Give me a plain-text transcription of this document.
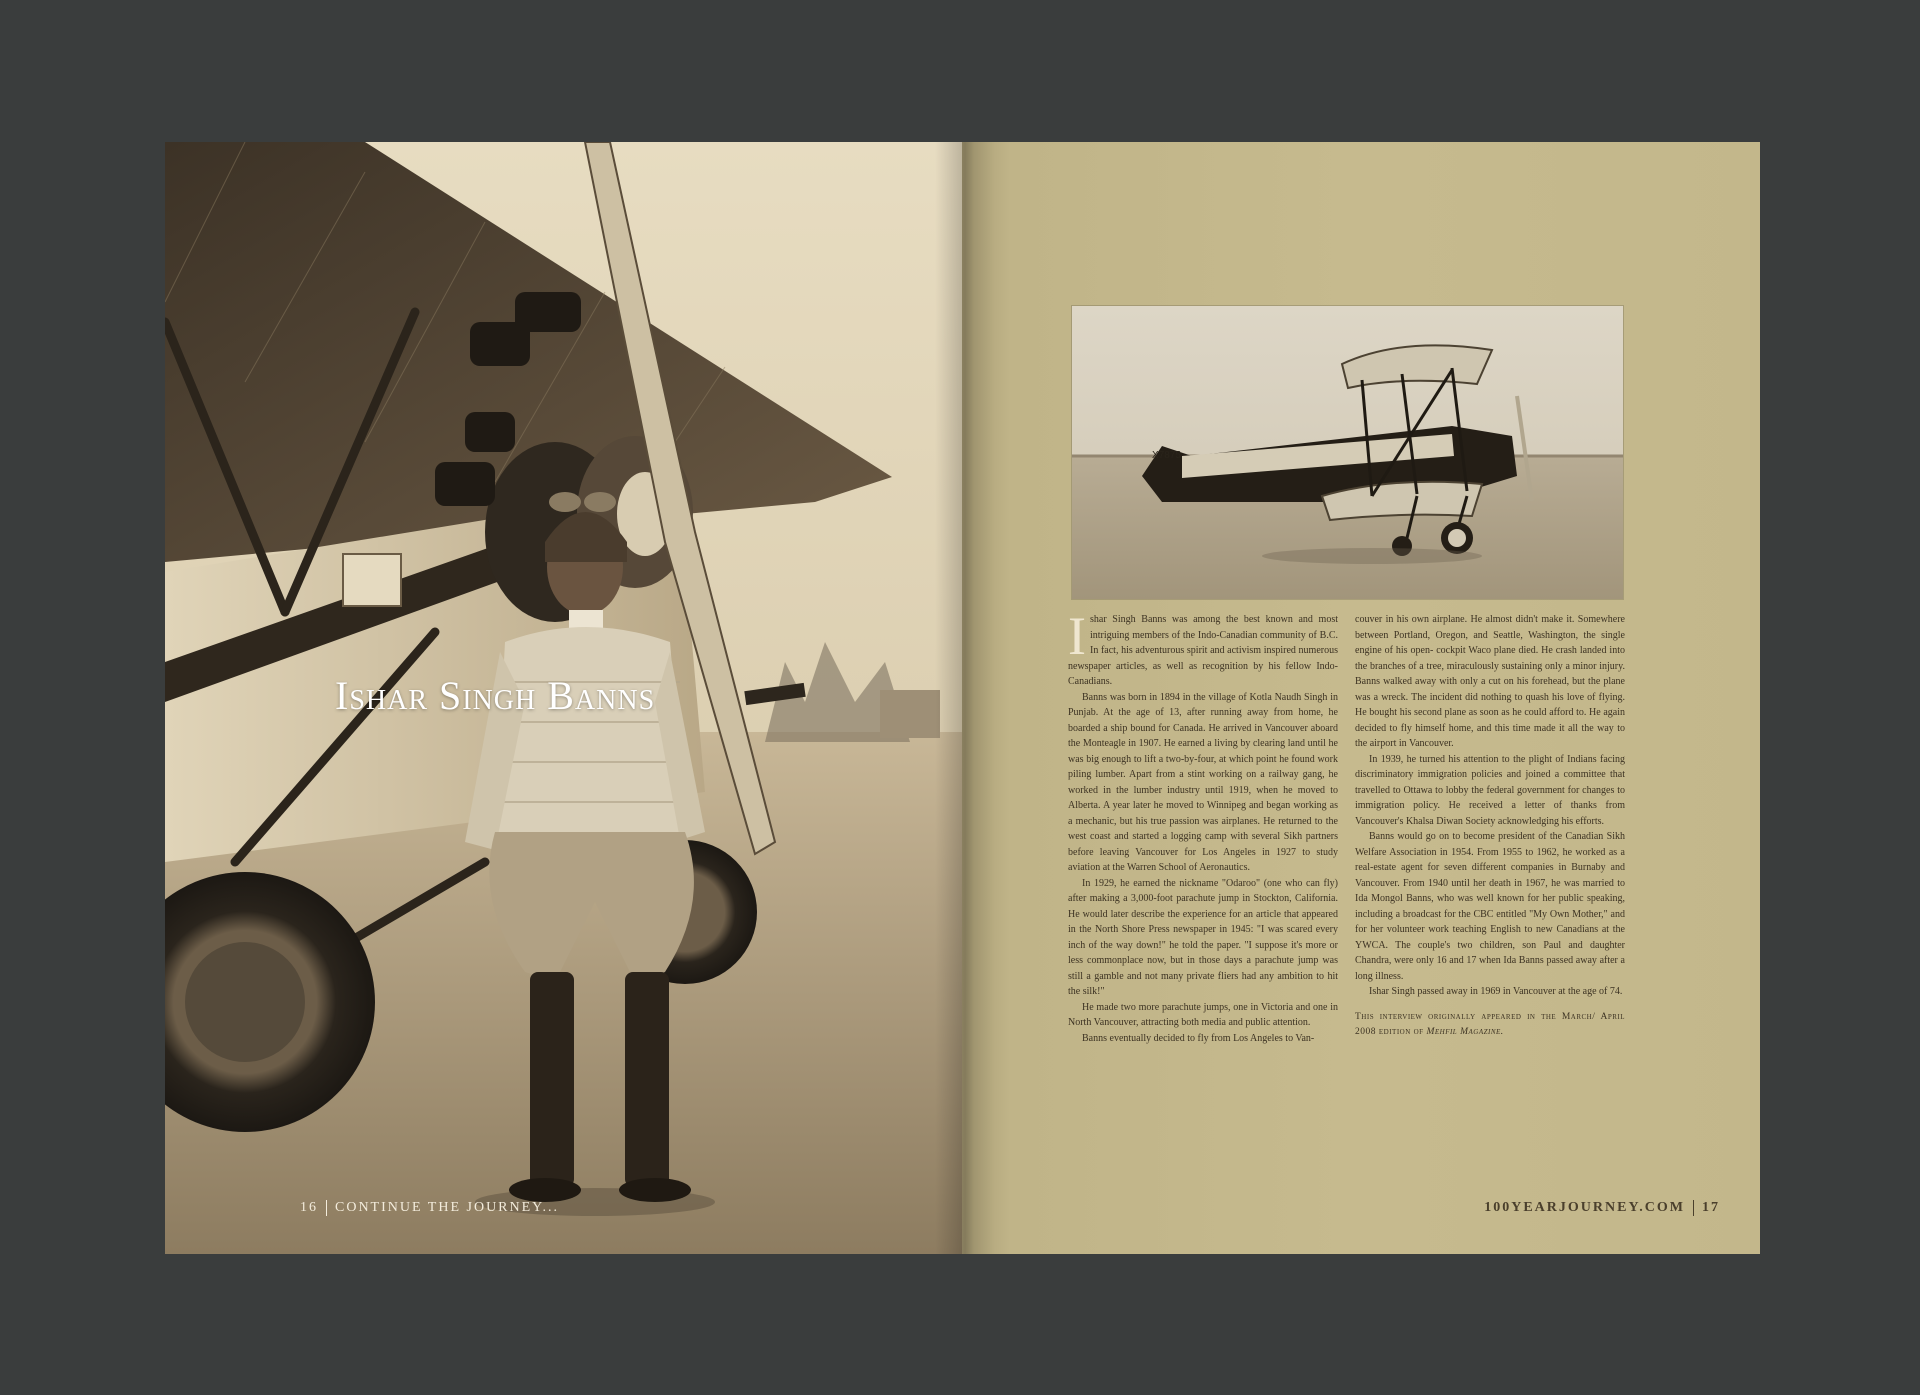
Ishar Singh Banns
16 CONTINUE THE JOURNEY...
X7875

Ishar Singh Banns was among the best known and most intriguing members of the Indo-Canadian community of B.C. In fact, his adventurous spirit and activism inspired numerous newspaper articles, as well as recognition by his fellow Indo-Canadians.

Banns was born in 1894 in the village of Kotla Naudh Singh in Punjab. At the age of 13, after running away from home, he boarded a ship bound for Canada. He arrived in Vancouver aboard the Monteagle in 1907. He earned a living by clearing land until he was big enough to lift a two-by-four, at which point he found work piling lumber. Apart from a stint working on a railway gang, he worked in the lumber industry until 1919, when he moved to Alberta. A year later he moved to Winnipeg and began working as a mechanic, but his true passion was airplanes. He returned to the west coast and started a logging camp with several Sikh partners before leaving Vancouver for Los Angeles in 1927 to study aviation at the Warren School of Aeronautics.

In 1929, he earned the nickname "Odaroo" (one who can fly) after making a 3,000-foot parachute jump in Stockton, California. He would later describe the experience for an article that appeared in the North Shore Press newspaper in 1945: "I was scared every inch of the way down!" he told the paper. "I suppose it's more or less commonplace now, but in those days a parachute jump was still a gamble and not many private fliers had any ambition to hit the silk!"

He made two more parachute jumps, one in Victoria and one in North Vancouver, attracting both media and public attention.

Banns eventually decided to fly from Los Angeles to Van-

couver in his own airplane. He almost didn't make it. Somewhere between Portland, Oregon, and Seattle, Washington, the single engine of his open- cockpit Waco plane died. He crash landed into the branches of a tree, miraculously sustaining only a minor injury. Banns walked away with only a cut on his forehead, but the plane was a wreck. The incident did nothing to quash his love of flying. He bought his second plane as soon as he could afford to. He again decided to fly himself home, and this time made it all the way to the airport in Vancouver.

In 1939, he turned his attention to the plight of Indians facing discriminatory immigration policies and joined a committee that travelled to Ottawa to lobby the federal government for changes to immigration policy. He received a letter of thanks from Vancouver's Khalsa Diwan Society acknowledging his efforts.

Banns would go on to become president of the Canadian Sikh Welfare Association in 1954. From 1955 to 1962, he worked as a real-estate agent for seven different companies in Burnaby and Vancouver. From 1940 until her death in 1967, he was married to Ida Mongol Banns, who was well known for her public speaking, including a broadcast for the CBC entitled "My Own Mother," and for her volunteer work teaching English to new Canadians at the YWCA. The couple's two children, son Paul and daughter Chandra, were only 16 and 17 when Ida Banns passed away after a long illness.

Ishar Singh passed away in 1969 in Vancouver at the age of 74.

This interview originally appeared in the March/ April 2008 edition of Mehfil Magazine.

100YEARJOURNEY.COM 17
